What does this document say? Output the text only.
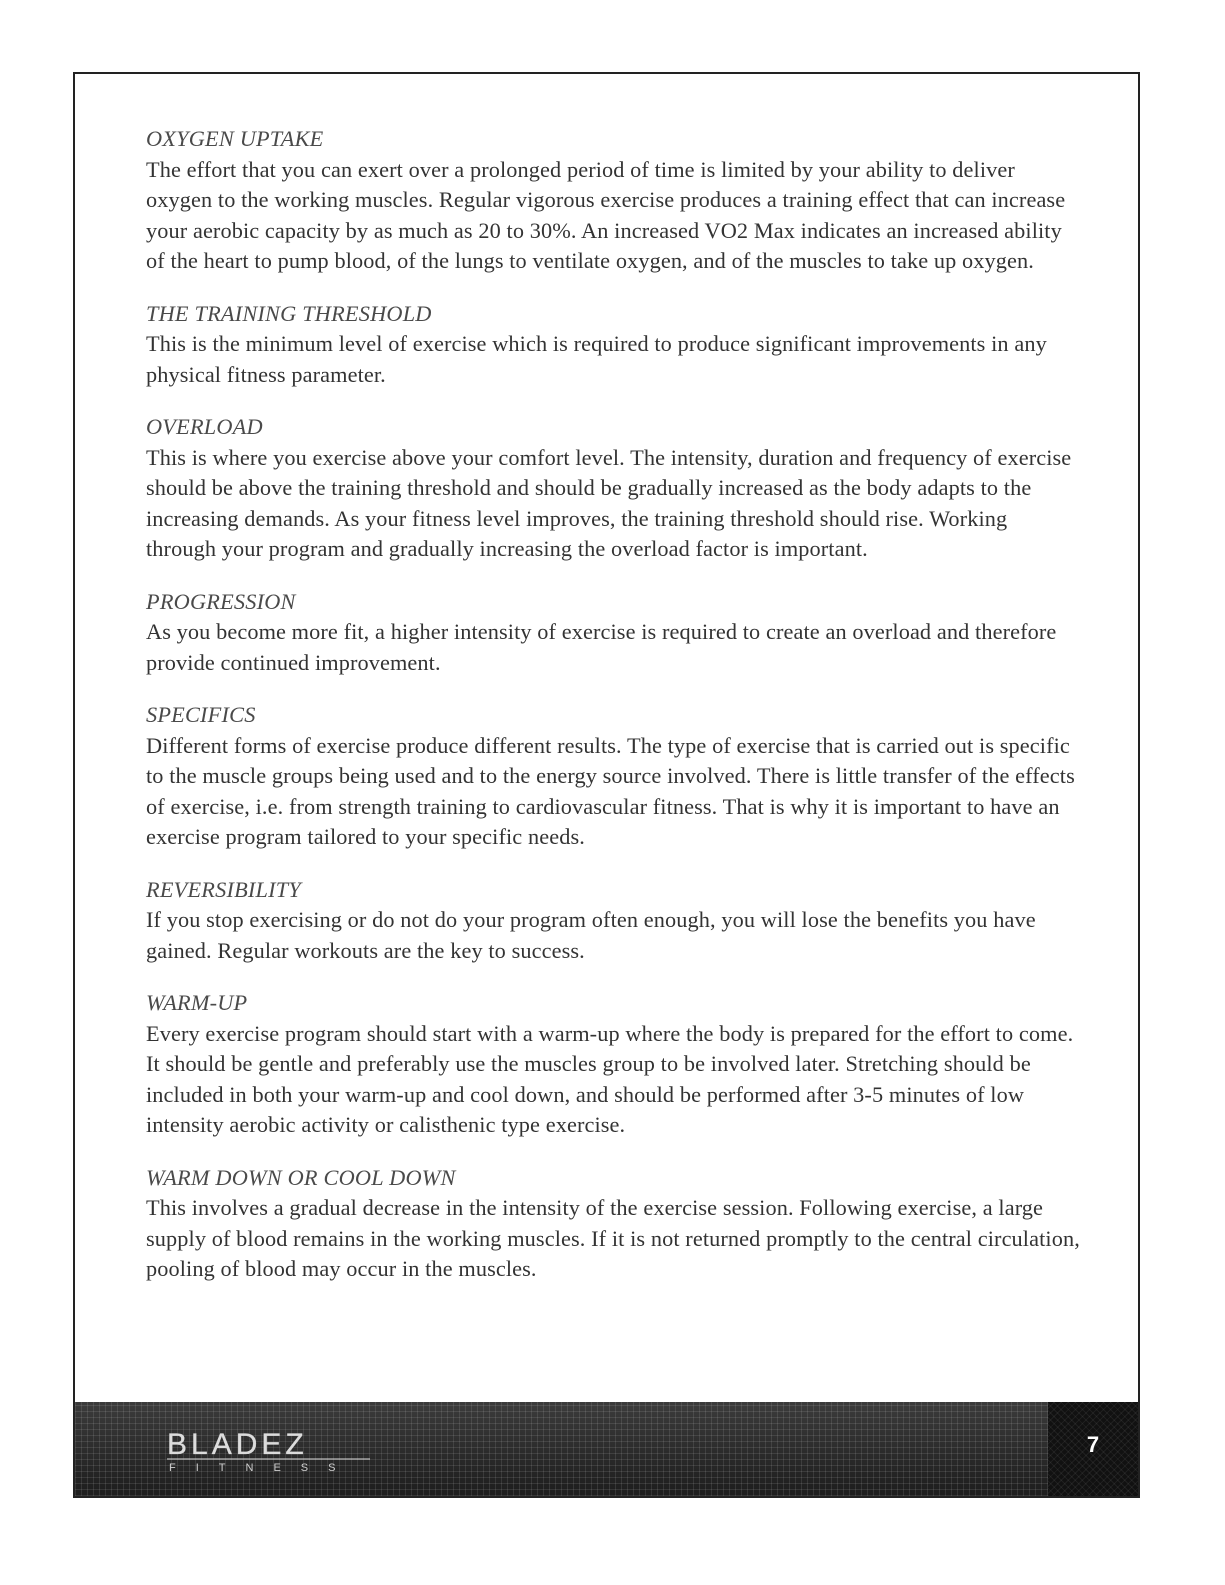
OXYGEN UPTAKE

The effort that you can exert over a prolonged period of time is limited by your ability to deliver oxygen to the working muscles. Regular vigorous exercise produces a training effect that can increase your aerobic capacity by as much as 20 to 30%. An increased VO2 Max indicates an increased ability of the heart to pump blood, of the lungs to ventilate oxygen, and of the muscles to take up oxygen.

THE TRAINING THRESHOLD

This is the minimum level of exercise which is required to produce significant improvements in any physical fitness parameter.

OVERLOAD

This is where you exercise above your comfort level. The intensity, duration and frequency of exercise should be above the training threshold and should be gradually increased as the body adapts to the increasing demands. As your fitness level improves, the training threshold should rise. Working through your program and gradually increasing the overload factor is important.

PROGRESSION

As you become more fit, a higher intensity of exercise is required to create an overload and therefore provide continued improvement.

SPECIFICS

Different forms of exercise produce different results. The type of exercise that is carried out is specific to the muscle groups being used and to the energy source involved. There is little transfer of the effects of exercise, i.e. from strength training to cardiovascular fitness. That is why it is important to have an exercise program tailored to your specific needs.

REVERSIBILITY

If you stop exercising or do not do your program often enough, you will lose the benefits you have gained. Regular workouts are the key to success.

WARM-UP

Every exercise program should start with a warm-up where the body is prepared for the effort to come. It should be gentle and preferably use the muscles group to be involved later. Stretching should be included in both your warm-up and cool down, and should be performed after 3-5 minutes of low intensity aerobic activity or calisthenic type exercise.

WARM DOWN OR COOL DOWN

This involves a gradual decrease in the intensity of the exercise session. Following exercise, a large supply of blood remains in the working muscles. If it is not returned promptly to the central circulation, pooling of blood may occur in the muscles.

BLADEZ
FITNESS
7
